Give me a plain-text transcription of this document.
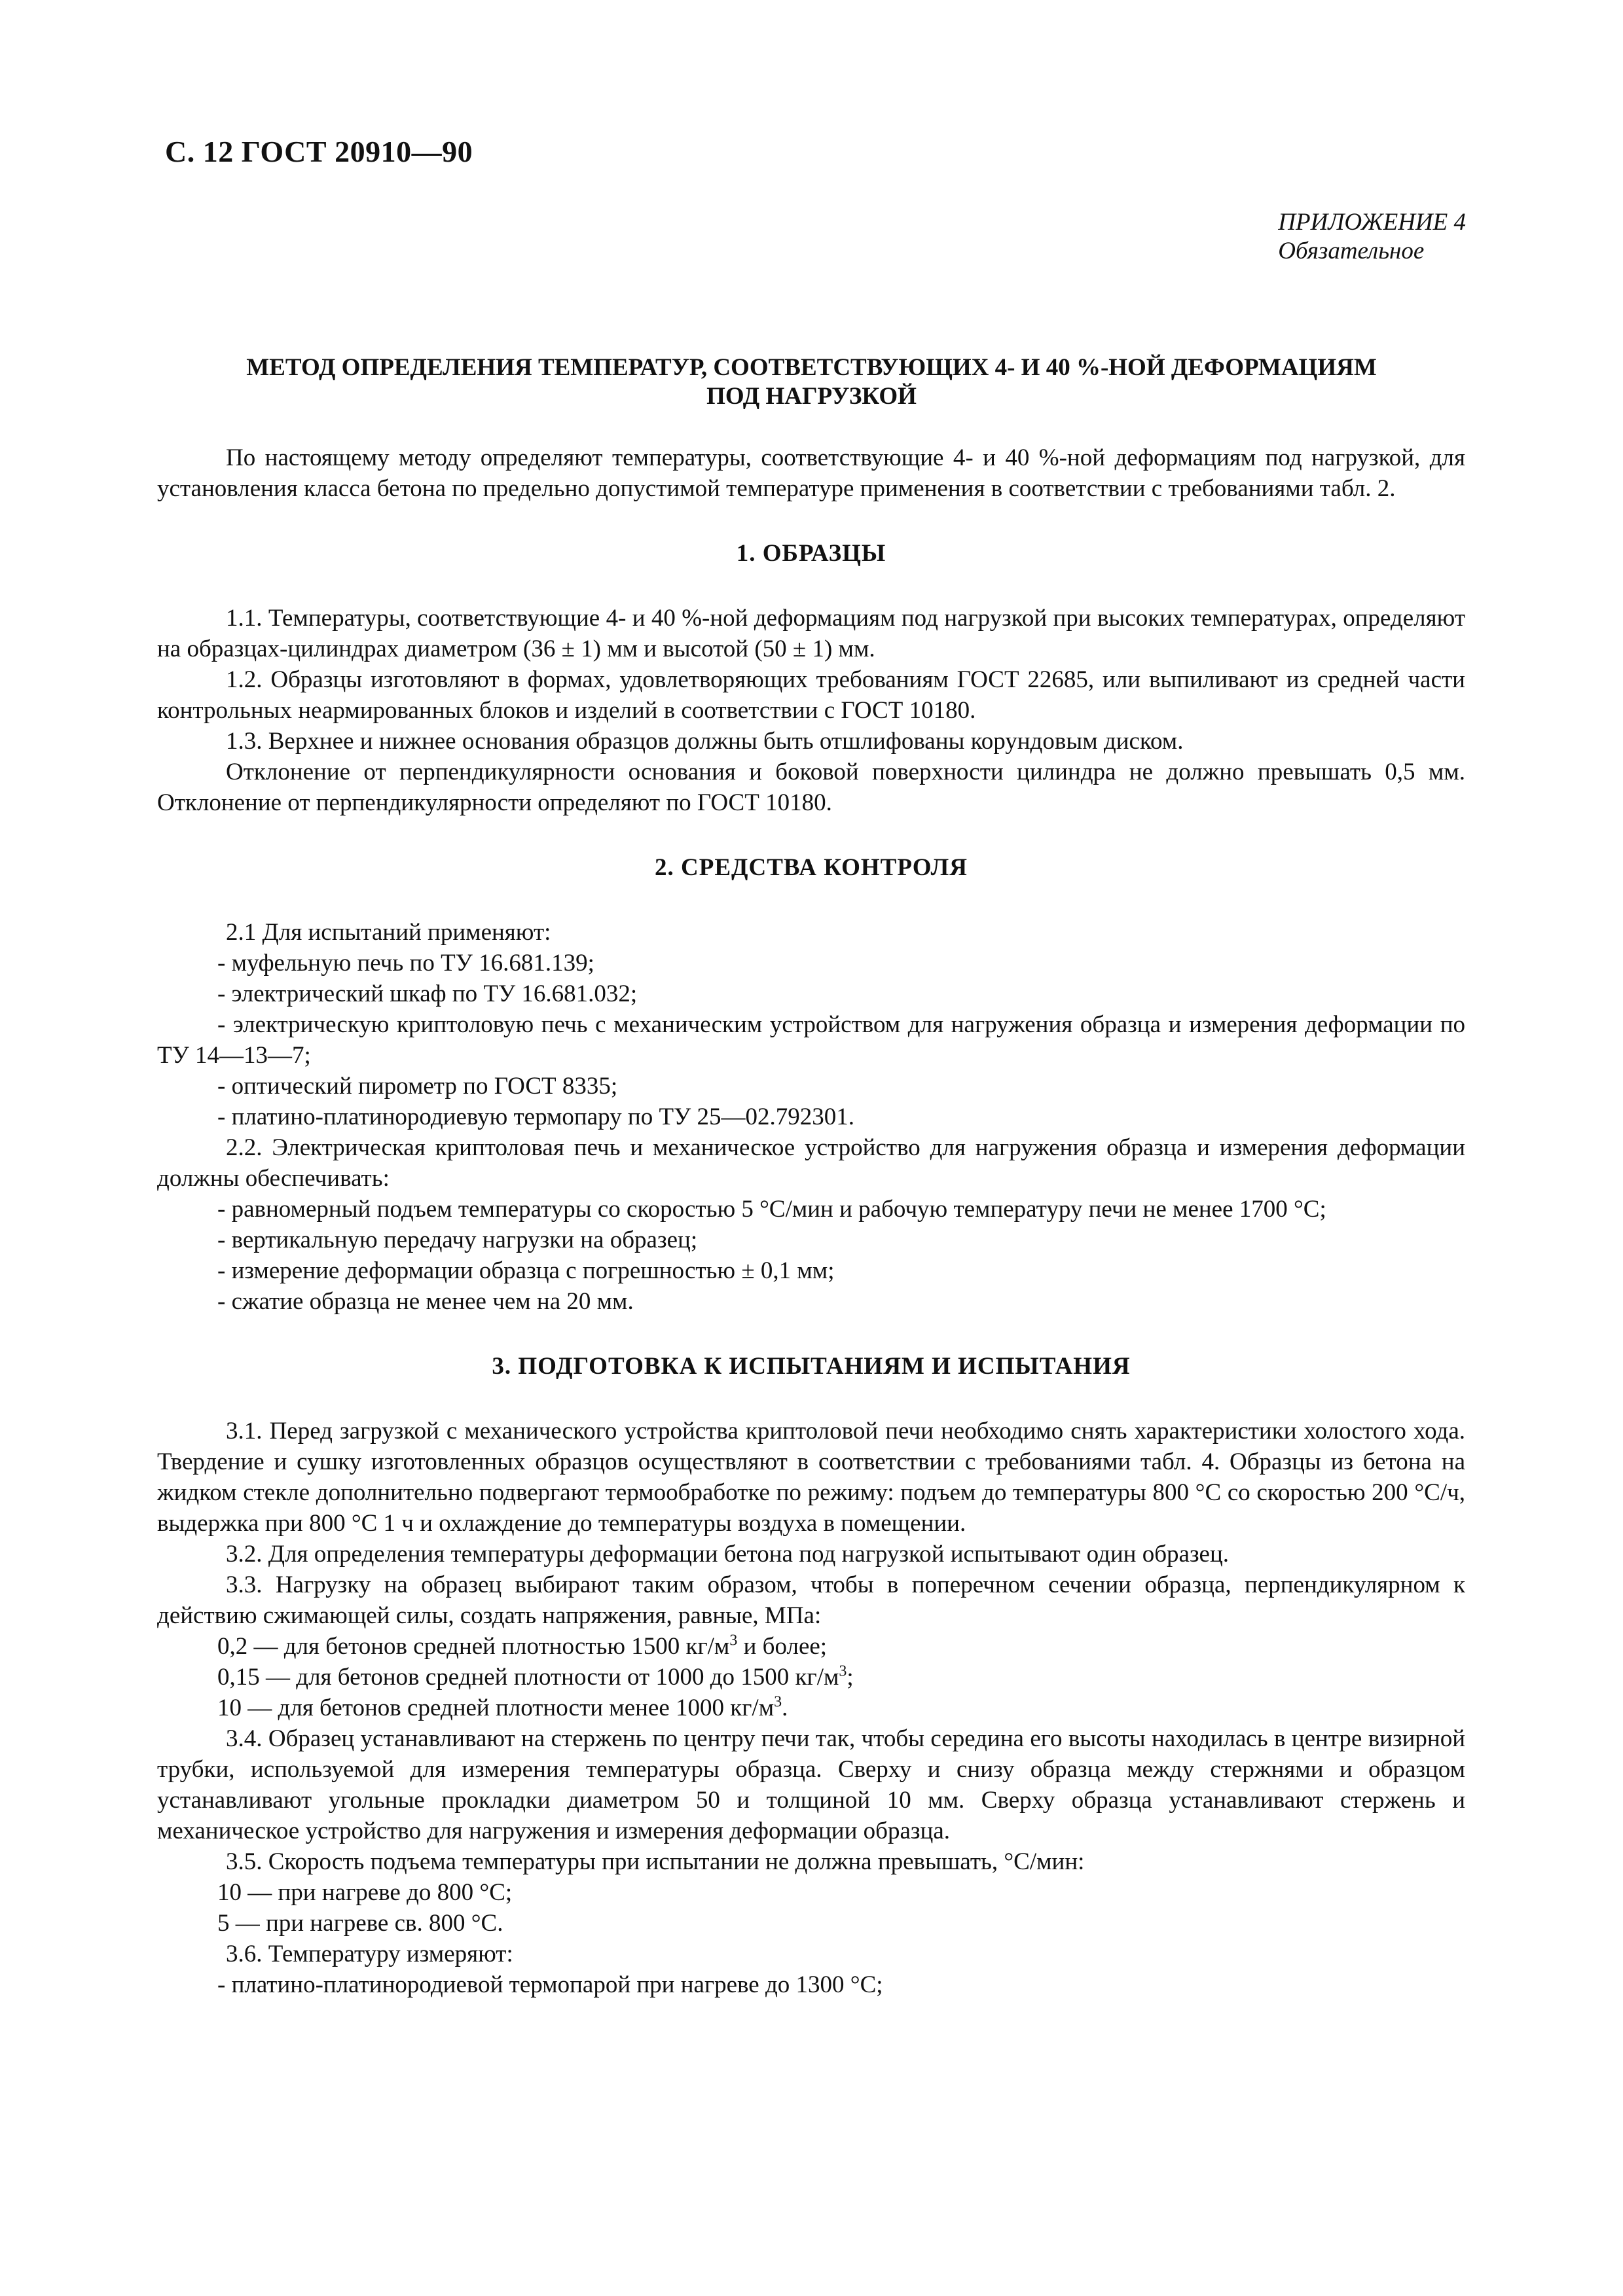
С. 12 ГОСТ 20910—90
ПРИЛОЖЕНИЕ 4
Обязательное
МЕТОД ОПРЕДЕЛЕНИЯ ТЕМПЕРАТУР, СООТВЕТСТВУЮЩИХ 4- И 40 %-НОЙ ДЕФОРМАЦИЯМ
ПОД НАГРУЗКОЙ

По настоящему методу определяют температуры, соответствующие 4- и 40 %-ной деформациям под нагрузкой, для установления класса бетона по предельно допустимой температуре применения в соответствии с требованиями табл. 2.

1. ОБРАЗЦЫ

1.1. Температуры, соответствующие 4- и 40 %-ной деформациям под нагрузкой при высоких температурах, определяют на образцах-цилиндрах диаметром (36 ± 1) мм и высотой (50 ± 1) мм.

1.2. Образцы изготовляют в формах, удовлетворяющих требованиям ГОСТ 22685, или выпиливают из средней части контрольных неармированных блоков и изделий в соответствии с ГОСТ 10180.

1.3. Верхнее и нижнее основания образцов должны быть отшлифованы корундовым диском.

Отклонение от перпендикулярности основания и боковой поверхности цилиндра не должно превышать 0,5 мм. Отклонение от перпендикулярности определяют по ГОСТ 10180.

2. СРЕДСТВА КОНТРОЛЯ

2.1 Для испытаний применяют:

- муфельную печь по ТУ 16.681.139;

- электрический шкаф по ТУ 16.681.032;

- электрическую криптоловую печь с механическим устройством для нагружения образца и измерения деформации по ТУ 14—13—7;

- оптический пирометр по ГОСТ 8335;

- платино-платинородиевую термопару по ТУ 25—02.792301.

2.2. Электрическая криптоловая печь и механическое устройство для нагружения образца и измерения деформации должны обеспечивать:

- равномерный подъем температуры со скоростью 5 °С/мин и рабочую температуру печи не менее 1700 °С;

- вертикальную передачу нагрузки на образец;

- измерение деформации образца с погрешностью ± 0,1 мм;

- сжатие образца не менее чем на 20 мм.

3. ПОДГОТОВКА К ИСПЫТАНИЯМ И ИСПЫТАНИЯ

3.1. Перед загрузкой с механического устройства криптоловой печи необходимо снять характеристики холостого хода. Твердение и сушку изготовленных образцов осуществляют в соответствии с требованиями табл. 4. Образцы из бетона на жидком стекле дополнительно подвергают термообработке по режиму: подъем до температуры 800 °С со скоростью 200 °С/ч, выдержка при 800 °С 1 ч и охлаждение до температуры воздуха в помещении.

3.2. Для определения температуры деформации бетона под нагрузкой испытывают один образец.

3.3. Нагрузку на образец выбирают таким образом, чтобы в поперечном сечении образца, перпендикулярном к действию сжимающей силы, создать напряжения, равные, МПа:

0,2 — для бетонов средней плотностью 1500 $кг/м^3$ и более;

0,15 — для бетонов средней плотности от 1000 до 1500 $кг/м^3$;

10 — для бетонов средней плотности менее 1000 $кг/м^3$.

3.4. Образец устанавливают на стержень по центру печи так, чтобы середина его высоты находилась в центре визирной трубки, используемой для измерения температуры образца. Сверху и снизу образца между стержнями и образцом устанавливают угольные прокладки диаметром 50 и толщиной 10 мм. Сверху образца устанавливают стержень и механическое устройство для нагружения и измерения деформации образца.

3.5. Скорость подъема температуры при испытании не должна превышать, °С/мин:

10 — при нагреве до 800 °С;

5 — при нагреве св. 800 °С.

3.6. Температуру измеряют:

- платино-платинородиевой термопарой при нагреве до 1300 °С;
